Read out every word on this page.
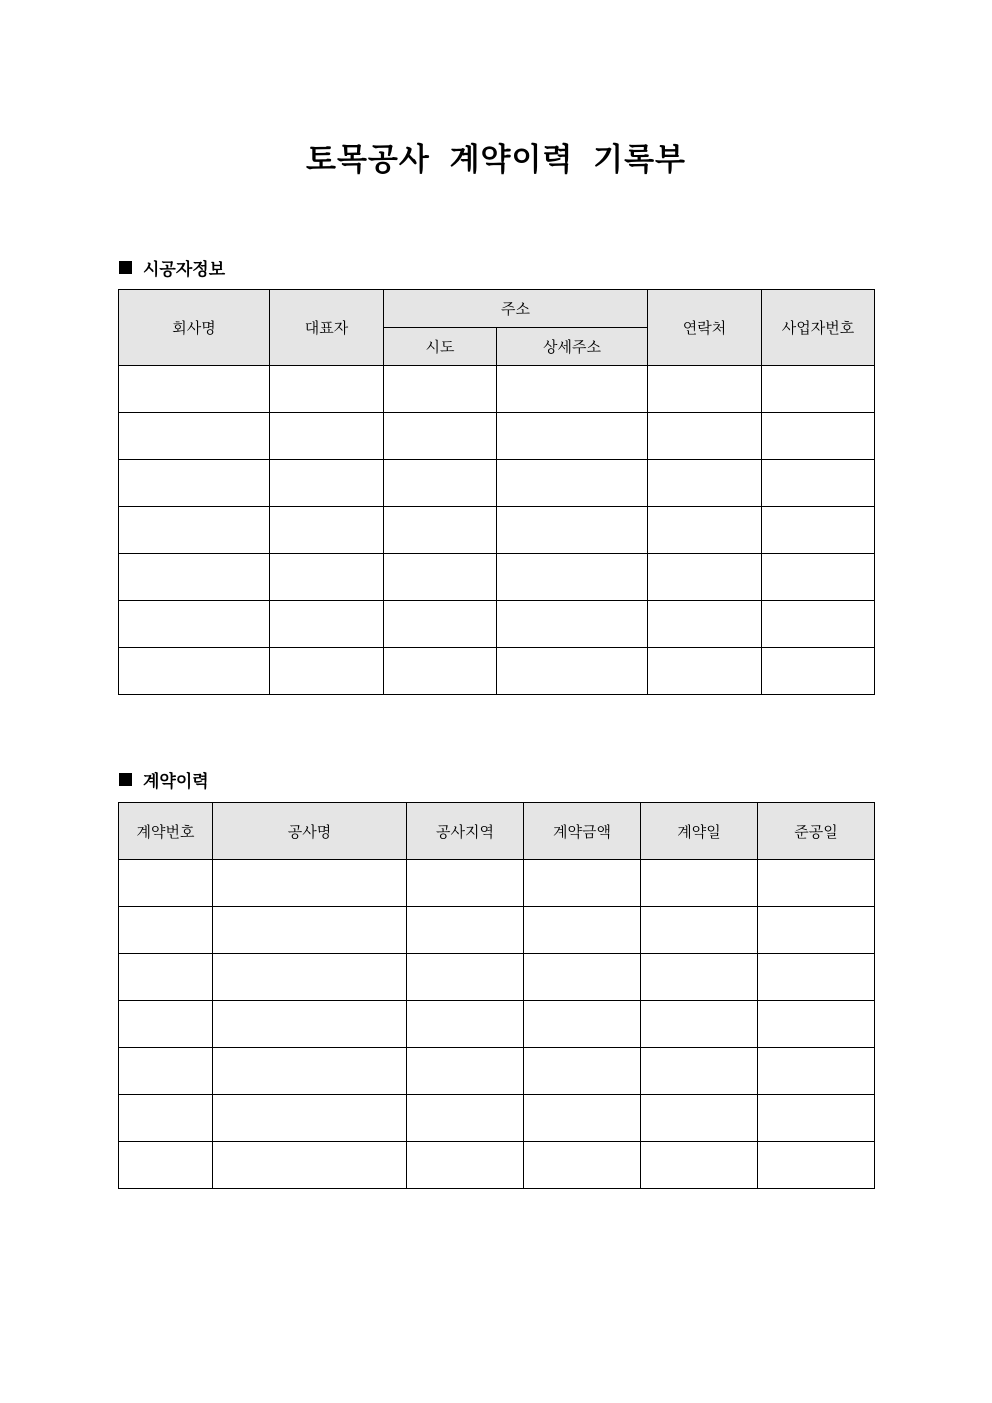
토목공사 계약이력 기록부
시공자정보
회사명	대표자	주소		연락처	사업자번호
		시도	상세주소		

계약이력
계약번호	공사명	공사지역	계약금액	계약일	준공일
